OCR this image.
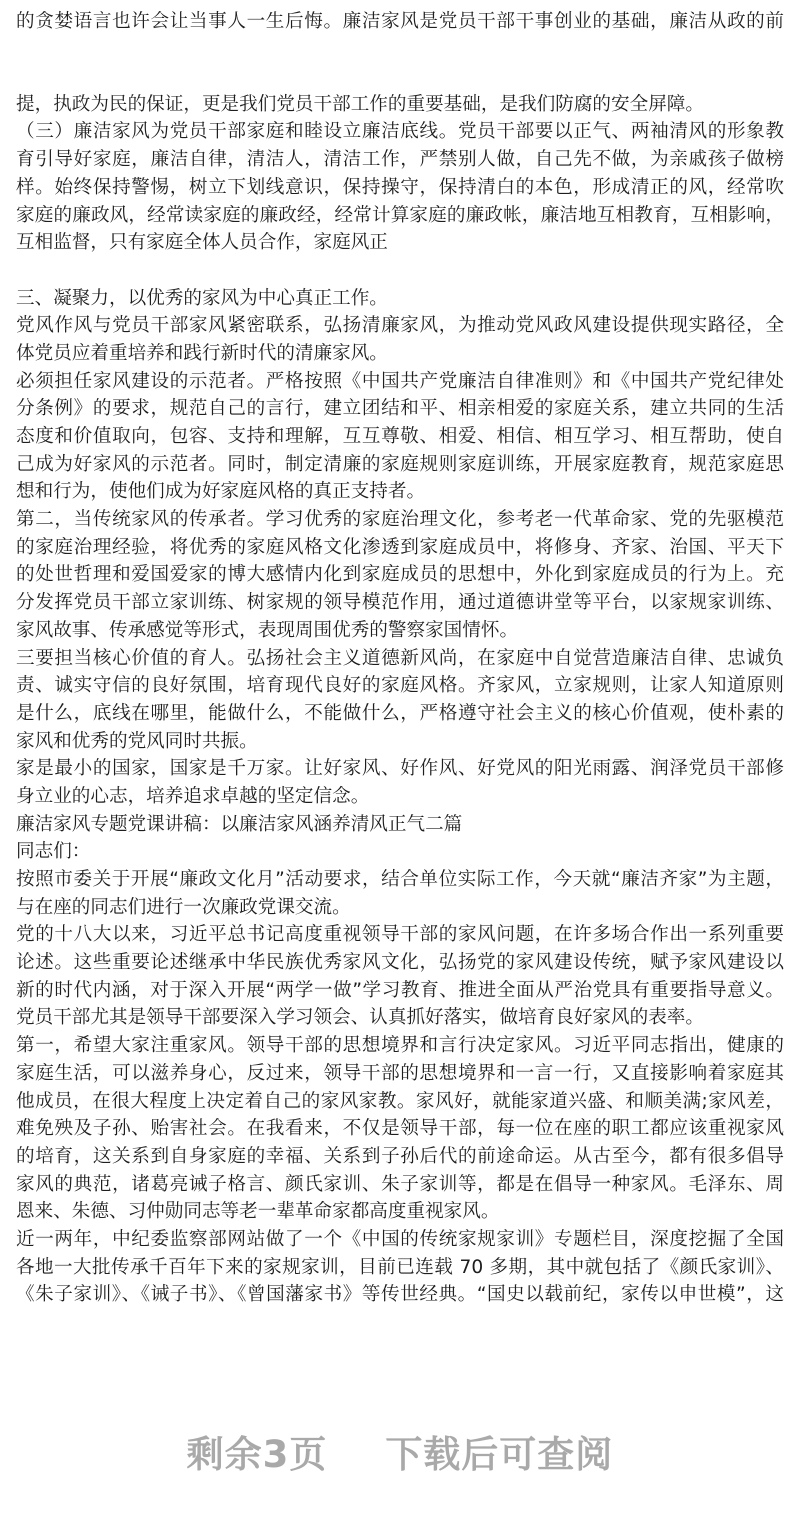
的贪婪语言也许会让当事人一生后悔。廉洁家风是党员干部干事创业的基础，廉洁从政的前
提，执政为民的保证，更是我们党员干部工作的重要基础，是我们防腐的安全屏障。
（三）廉洁家风为党员干部家庭和睦设立廉洁底线。党员干部要以正气、两袖清风的形象教
育引导好家庭，廉洁自律，清洁人，清洁工作，严禁别人做，自己先不做，为亲戚孩子做榜
样。始终保持警惕，树立下划线意识，保持操守，保持清白的本色，形成清正的风，经常吹
家庭的廉政风，经常读家庭的廉政经，经常计算家庭的廉政帐，廉洁地互相教育，互相影响，
互相监督，只有家庭全体人员合作，家庭风正
三、凝聚力，以优秀的家风为中心真正工作。
党风作风与党员干部家风紧密联系，弘扬清廉家风，为推动党风政风建设提供现实路径，全
体党员应着重培养和践行新时代的清廉家风。
必须担任家风建设的示范者。严格按照《中国共产党廉洁自律准则》和《中国共产党纪律处
分条例》的要求，规范自己的言行，建立团结和平、相亲相爱的家庭关系，建立共同的生活
态度和价值取向，包容、支持和理解，互互尊敬、相爱、相信、相互学习、相互帮助，使自
己成为好家风的示范者。同时，制定清廉的家庭规则家庭训练，开展家庭教育，规范家庭思
想和行为，使他们成为好家庭风格的真正支持者。
第二，当传统家风的传承者。学习优秀的家庭治理文化，参考老一代革命家、党的先驱模范
的家庭治理经验，将优秀的家庭风格文化渗透到家庭成员中，将修身、齐家、治国、平天下
的处世哲理和爱国爱家的博大感情内化到家庭成员的思想中，外化到家庭成员的行为上。充
分发挥党员干部立家训练、树家规的领导模范作用，通过道德讲堂等平台，以家规家训练、
家风故事、传承感觉等形式，表现周围优秀的警察家国情怀。
三要担当核心价值的育人。弘扬社会主义道德新风尚，在家庭中自觉营造廉洁自律、忠诚负
责、诚实守信的良好氛围，培育现代良好的家庭风格。齐家风，立家规则，让家人知道原则
是什么，底线在哪里，能做什么，不能做什么，严格遵守社会主义的核心价值观，使朴素的
家风和优秀的党风同时共振。
家是最小的国家，国家是千万家。让好家风、好作风、好党风的阳光雨露、润泽党员干部修
身立业的心志，培养追求卓越的坚定信念。
廉洁家风专题党课讲稿：以廉洁家风涵养清风正气二篇
同志们：
按照市委关于开展“廉政文化月”活动要求，结合单位实际工作，今天就“廉洁齐家”为主题，
与在座的同志们进行一次廉政党课交流。
党的十八大以来，习近平总书记高度重视领导干部的家风问题，在许多场合作出一系列重要
论述。这些重要论述继承中华民族优秀家风文化，弘扬党的家风建设传统，赋予家风建设以
新的时代内涵，对于深入开展“两学一做”学习教育、推进全面从严治党具有重要指导意义。
党员干部尤其是领导干部要深入学习领会、认真抓好落实，做培育良好家风的表率。
第一，希望大家注重家风。领导干部的思想境界和言行决定家风。习近平同志指出，健康的
家庭生活，可以滋养身心，反过来，领导干部的思想境界和一言一行，又直接影响着家庭其
他成员，在很大程度上决定着自己的家风家教。家风好，就能家道兴盛、和顺美满;家风差，
难免殃及子孙、贻害社会。在我看来，不仅是领导干部，每一位在座的职工都应该重视家风
的培育，这关系到自身家庭的幸福、关系到子孙后代的前途命运。从古至今，都有很多倡导
家风的典范，诸葛亮诫子格言、颜氏家训、朱子家训等，都是在倡导一种家风。毛泽东、周
恩来、朱德、习仲勋同志等老一辈革命家都高度重视家风。
近一两年，中纪委监察部网站做了一个《中国的传统家规家训》专题栏目，深度挖掘了全国
各地一大批传承千百年下来的家规家训，目前已连载 70 多期，其中就包括了《颜氏家训》、
《朱子家训》、《诫子书》、《曾国藩家书》等传世经典。“国史以载前纪，家传以申世模”，这
剩余3页 下载后可查阅
